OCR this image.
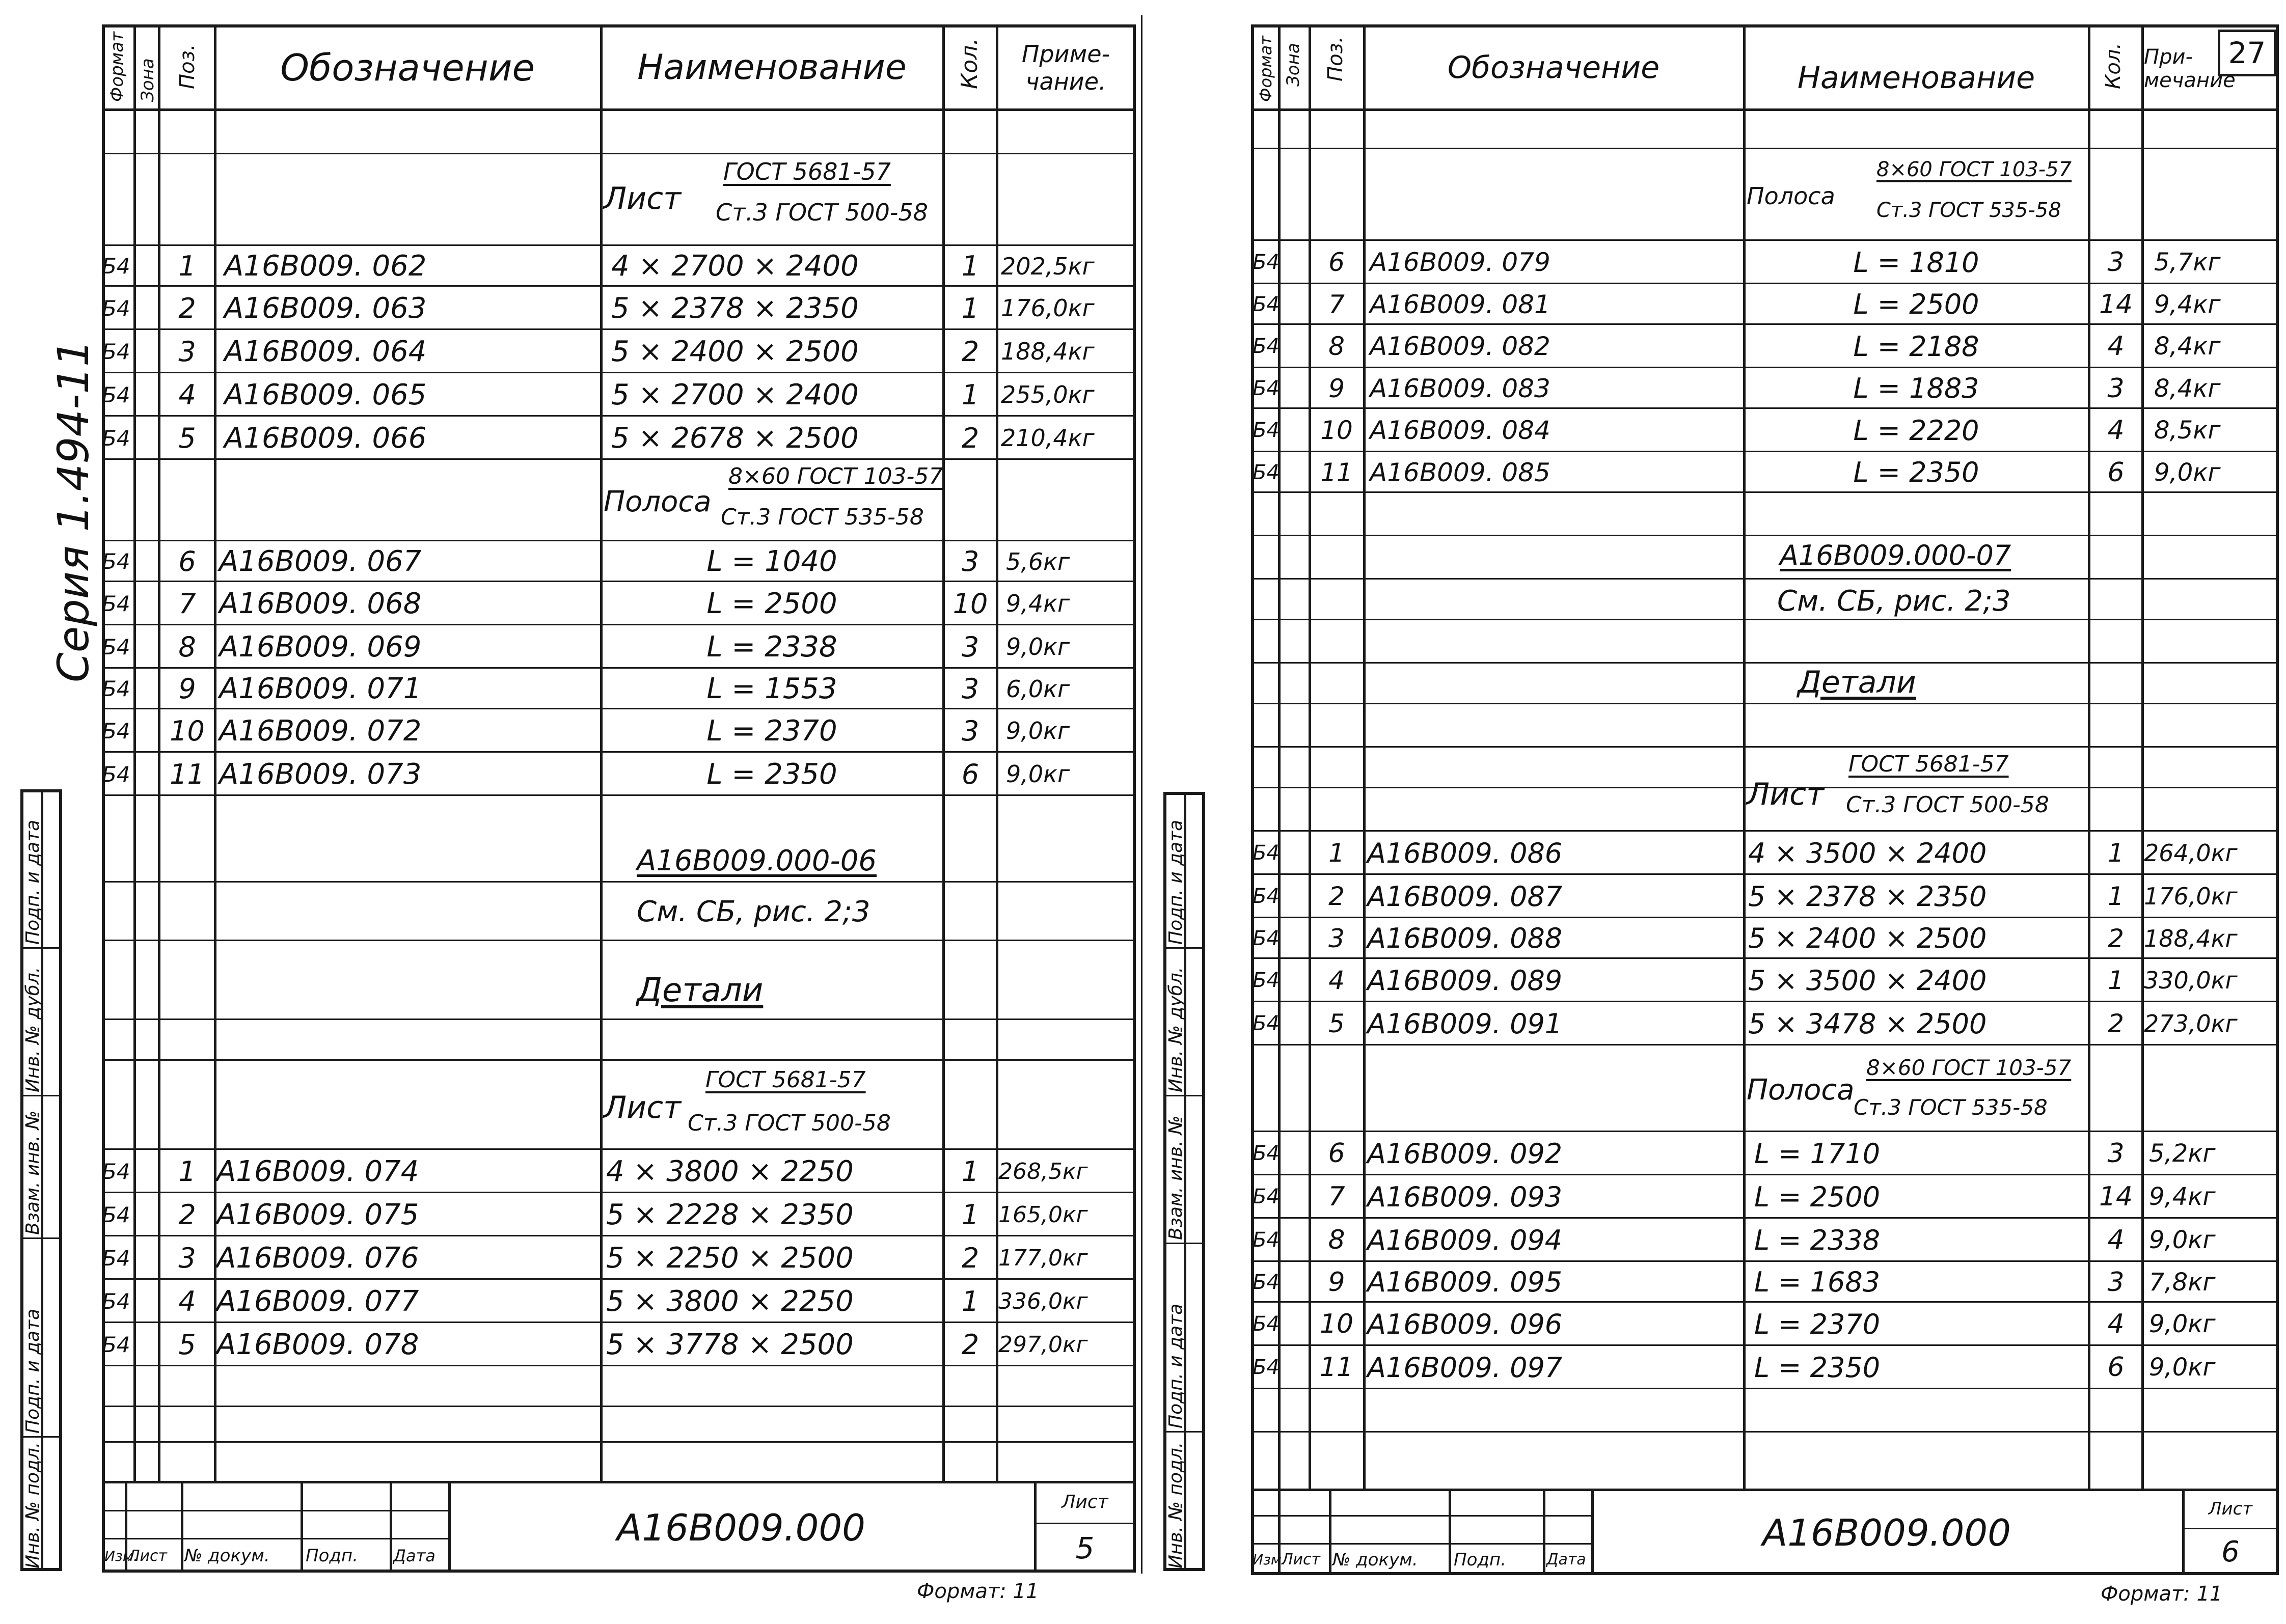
Серия 1.494-11
Подп. и дата
Инв. № дубл.
Взам. инв. №
Подп. и дата
Инв. № подл.
Формат Зона Поз.	Обозначение	Наименование	Кол.	Приме- чание.
Лист
ГОСТ 5681-57
Ст.3 ГОСТ 500-58
Б4	1 А16В009. 062	4 × 2700 × 2400	1 202,5кг
Б4	2 А16В009. 063	5 × 2378 × 2350	1 176,0кг
Б4	3 А16В009. 064	5 × 2400 × 2500	2 188,4кг
Б4	4 А16В009. 065	5 × 2700 × 2400	1 255,0кг
Б4	5 А16В009. 066	5 × 2678 × 2500	2 210,4кг
Полоса
8×60 ГОСТ 103-57
Ст.3 ГОСТ 535-58
Б4	6 А16В009. 067	L = 1040	3	5,6кг
Б4	7 А16В009. 068	L = 2500	10 9,4кг
Б4	8 А16В009. 069	L = 2338	3	9,0кг
Б4	9 А16В009. 071	L = 1553	3	6,0кг
Б4	10 А16В009. 072	L = 2370	3	9,0кг
Б4	11 А16В009. 073	L = 2350	6	9,0кг
А16В009.000-06
См. СБ, рис. 2;3
Детали
Лист
ГОСТ 5681-57
Ст.3 ГОСТ 500-58
Б4	1 А16В009. 074	4 × 3800 × 2250	1 268,5кг
Б4	2 А16В009. 075	5 × 2228 × 2350	1 165,0кг
Б4	3 А16В009. 076	5 × 2250 × 2500	2 177,0кг
Б4	4 А16В009. 077	5 × 3800 × 2250	1 336,0кг
Б4	5 А16В009. 078	5 × 3778 × 2500	2 297,0кг
Изм.
Лист № докум. Подп. Дата
А16В009.000
Лист
5
Формат: 11
Подп. и дата
Инв. № дубл.
Взам. инв. №
Подп. и дата
Инв. № подл.
27
Формат Зона Поз.	Обозначение	Наименование	Кол. При- мечание
Полоса
8×60 ГОСТ 103-57
Ст.3 ГОСТ 535-58
Б4	6 А16В009. 079	L = 1810	3	5,7кг
Б4	7 А16В009. 081	L = 2500	14 9,4кг
Б4	8 А16В009. 082	L = 2188	4	8,4кг
Б4	9 А16В009. 083	L = 1883	3	8,4кг
Б4	10 А16В009. 084	L = 2220	4	8,5кг
Б4	11 А16В009. 085	L = 2350	6	9,0кг
А16В009.000-07
См. СБ, рис. 2;3
Детали
Лист
ГОСТ 5681-57
Ст.3 ГОСТ 500-58
Б4	1 А16В009. 086	4 × 3500 × 2400	1 264,0кг
Б4	2 А16В009. 087	5 × 2378 × 2350	1 176,0кг
Б4	3 А16В009. 088	5 × 2400 × 2500	2 188,4кг
Б4	4 А16В009. 089	5 × 3500 × 2400	1 330,0кг
Б4	5 А16В009. 091	5 × 3478 × 2500	2 273,0кг
Полоса
8×60 ГОСТ 103-57
Ст.3 ГОСТ 535-58
Б4	6 А16В009. 092	L = 1710	3	5,2кг
Б4	7 А16В009. 093	L = 2500	14 9,4кг
Б4	8 А16В009. 094	L = 2338	4	9,0кг
Б4	9 А16В009. 095	L = 1683	3	7,8кг
Б4	10 А16В009. 096	L = 2370	4	9,0кг
Б4	11 А16В009. 097	L = 2350	6	9,0кг
Изм.
Лист № докум. Подп.	Дата
А16В009.000
Лист
6
Формат: 11
